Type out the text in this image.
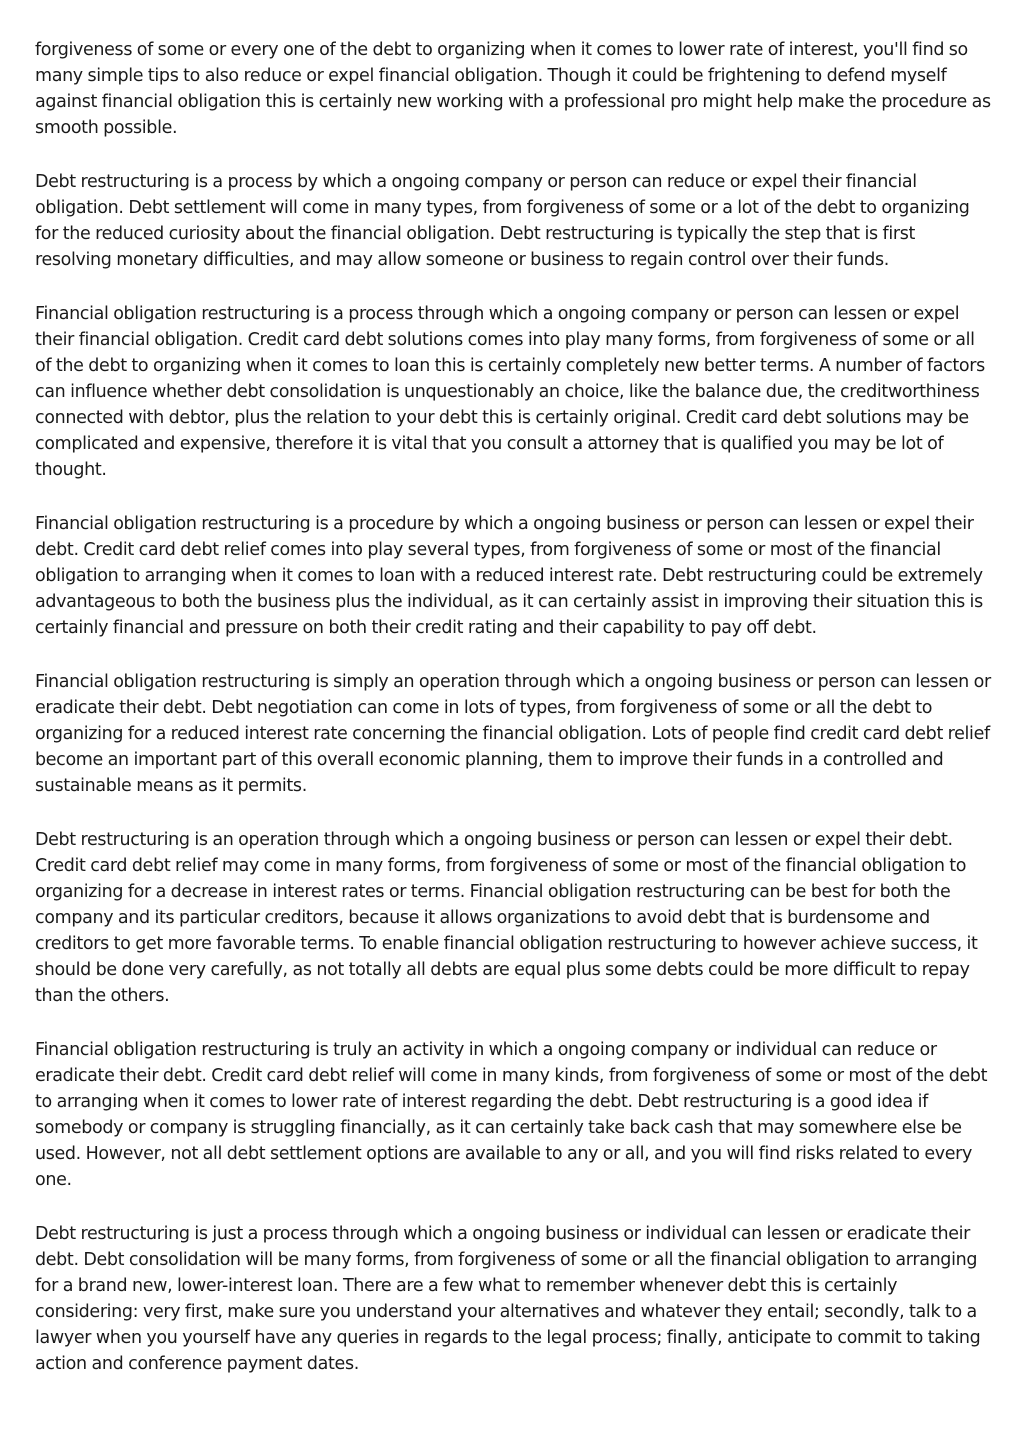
forgiveness of some or every one of the debt to organizing when it comes to lower rate of interest, you'll find so many simple tips to also reduce or expel financial obligation. Though it could be frightening to defend myself against financial obligation this is certainly new working with a professional pro might help make the procedure as smooth possible.

Debt restructuring is a process by which a ongoing company or person can reduce or expel their financial obligation. Debt settlement will come in many types, from forgiveness of some or a lot of the debt to organizing for the reduced curiosity about the financial obligation. Debt restructuring is typically the step that is first resolving monetary difficulties, and may allow someone or business to regain control over their funds.

Financial obligation restructuring is a process through which a ongoing company or person can lessen or expel their financial obligation. Credit card debt solutions comes into play many forms, from forgiveness of some or all of the debt to organizing when it comes to loan this is certainly completely new better terms. A number of factors can influence whether debt consolidation is unquestionably an choice, like the balance due, the creditworthiness connected with debtor, plus the relation to your debt this is certainly original. Credit card debt solutions may be complicated and expensive, therefore it is vital that you consult a attorney that is qualified you may be lot of thought.

Financial obligation restructuring is a procedure by which a ongoing business or person can lessen or expel their debt. Credit card debt relief comes into play several types, from forgiveness of some or most of the financial obligation to arranging when it comes to loan with a reduced interest rate. Debt restructuring could be extremely advantageous to both the business plus the individual, as it can certainly assist in improving their situation this is certainly financial and pressure on both their credit rating and their capability to pay off debt.

Financial obligation restructuring is simply an operation through which a ongoing business or person can lessen or eradicate their debt. Debt negotiation can come in lots of types, from forgiveness of some or all the debt to organizing for a reduced interest rate concerning the financial obligation. Lots of people find credit card debt relief become an important part of this overall economic planning, them to improve their funds in a controlled and sustainable means as it permits.

Debt restructuring is an operation through which a ongoing business or person can lessen or expel their debt. Credit card debt relief may come in many forms, from forgiveness of some or most of the financial obligation to organizing for a decrease in interest rates or terms. Financial obligation restructuring can be best for both the company and its particular creditors, because it allows organizations to avoid debt that is burdensome and creditors to get more favorable terms. To enable financial obligation restructuring to however achieve success, it should be done very carefully, as not totally all debts are equal plus some debts could be more difficult to repay than the others.

Financial obligation restructuring is truly an activity in which a ongoing company or individual can reduce or eradicate their debt. Credit card debt relief will come in many kinds, from forgiveness of some or most of the debt to arranging when it comes to lower rate of interest regarding the debt. Debt restructuring is a good idea if somebody or company is struggling financially, as it can certainly take back cash that may somewhere else be used. However, not all debt settlement options are available to any or all, and you will find risks related to every one.

Debt restructuring is just a process through which a ongoing business or individual can lessen or eradicate their debt. Debt consolidation will be many forms, from forgiveness of some or all the financial obligation to arranging for a brand new, lower-interest loan. There are a few what to remember whenever debt this is certainly considering: very first, make sure you understand your alternatives and whatever they entail; secondly, talk to a lawyer when you yourself have any queries in regards to the legal process; finally, anticipate to commit to taking action and conference payment dates.
